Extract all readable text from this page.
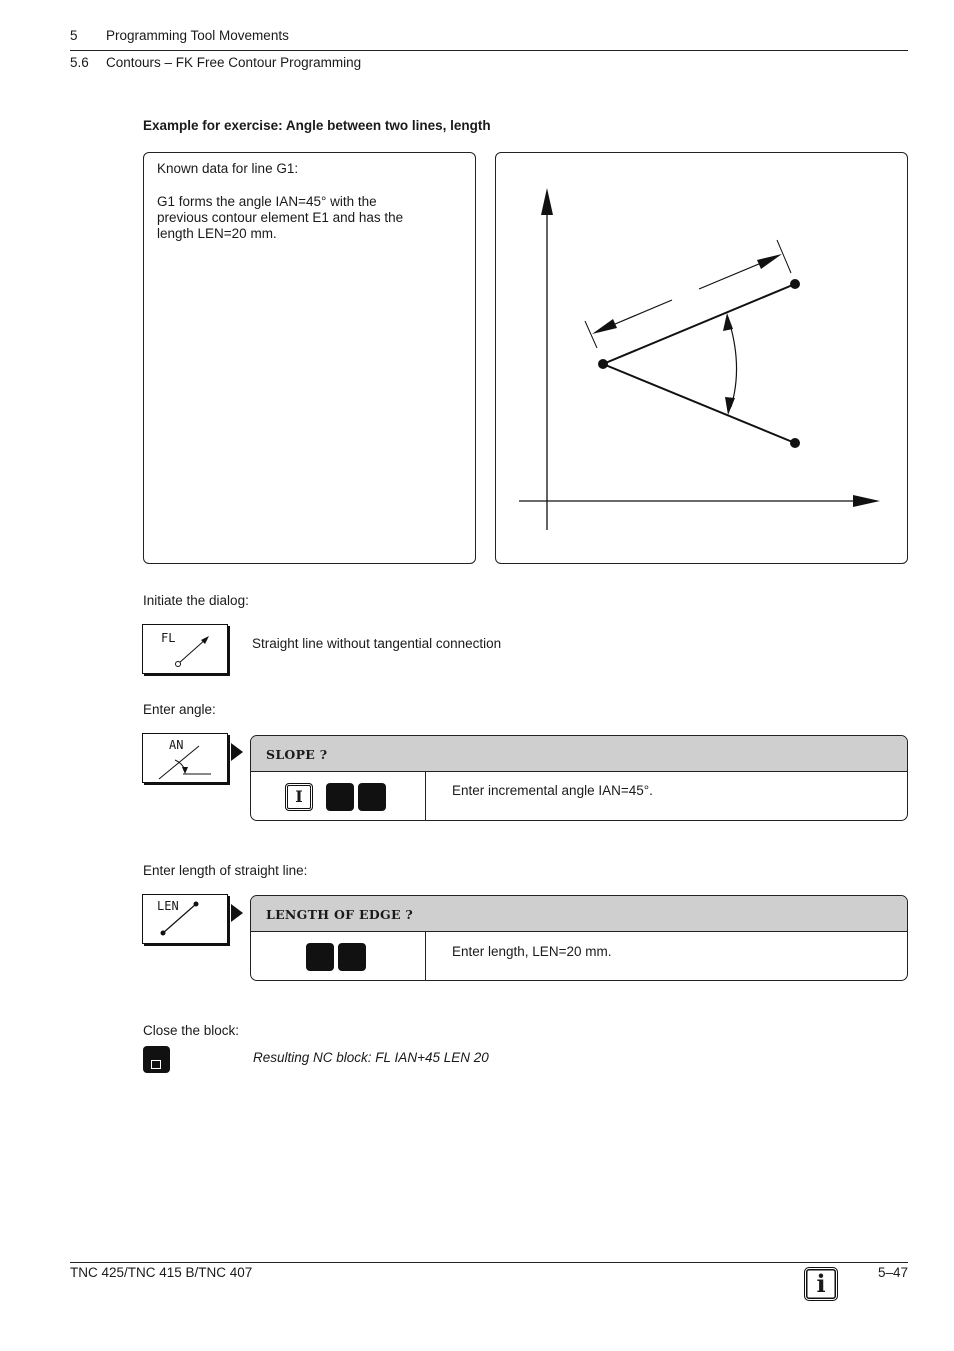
5 Programming Tool Movements
5.6 Contours – FK Free Contour Programming
Example for exercise: Angle between two lines, length
Known data for line G1:
G1 forms the angle IAN=45° with the
previous contour element E1 and has the
length LEN=20 mm.
Initiate the dialog:
FL	Straight line without tangential connection
Enter angle:
AN
SLOPE ?
I	Enter incremental angle IAN=45°.
Enter length of straight line:
LEN
LENGTH OF EDGE ?
Enter length, LEN=20 mm.
Close the block:
Resulting NC block: FL IAN+45 LEN 20
TNC 425/TNC 415 B/TNC 407	i	5–47
